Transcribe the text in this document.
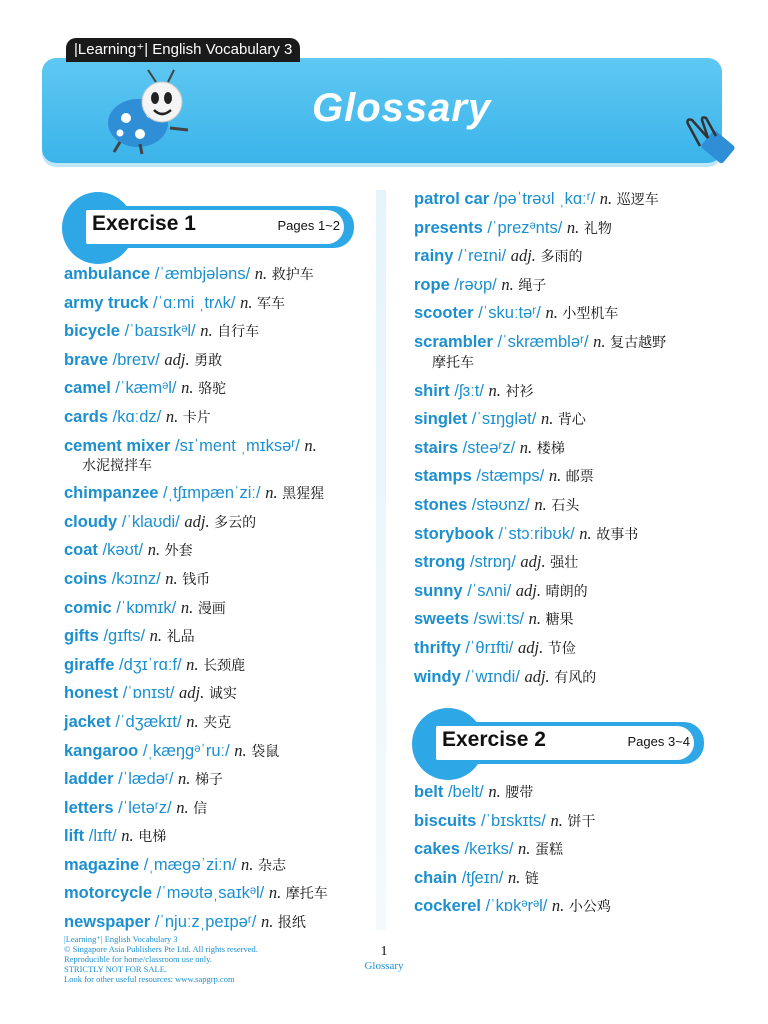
|Learning⁺| English Vocabulary 3
Glossary
Exercise 1	Pages 1~2
ambulance /ˈæmbjələns/ n. 救护车
army truck /ˈɑːmi ˌtrʌk/ n. 军车
bicycle /ˈbaɪsɪkᵊl/ n. 自行车
brave /breɪv/ adj. 勇敢
camel /ˈkæmᵊl/ n. 骆驼
cards /kɑːdz/ n. 卡片
cement mixer /sɪˈment ˌmɪksəʳ/ n.
水泥搅拌车
chimpanzee /ˌtʃɪmpænˈziː/ n. 黑猩猩
cloudy /ˈklaʊdi/ adj. 多云的
coat /kəʊt/ n. 外套
coins /kɔɪnz/ n. 钱币
comic /ˈkɒmɪk/ n. 漫画
gifts /gɪfts/ n. 礼品
giraffe /dʒɪˈrɑːf/ n. 长颈鹿
honest /ˈɒnɪst/ adj. 诚实
jacket /ˈdʒækɪt/ n. 夹克
kangaroo /ˌkæŋgᵊˈruː/ n. 袋鼠
ladder /ˈlædəʳ/ n. 梯子
letters /ˈletəʳz/ n. 信
lift /lɪft/ n. 电梯
magazine /ˌmægəˈziːn/ n. 杂志
motorcycle /ˈməʊtəˌsaɪkᵊl/ n. 摩托车
newspaper /ˈnjuːzˌpeɪpəʳ/ n. 报纸
patrol car /pəˈtrəʊl ˌkɑːʳ/ n. 巡逻车
presents /ˈprezᵊnts/ n. 礼物
rainy /ˈreɪni/ adj. 多雨的
rope /rəʊp/ n. 绳子
scooter /ˈskuːtəʳ/ n. 小型机车
scrambler /ˈskræmbləʳ/ n. 复古越野
摩托车
shirt /ʃɜːt/ n. 衬衫
singlet /ˈsɪŋglət/ n. 背心
stairs /steəʳz/ n. 楼梯
stamps /stæmps/ n. 邮票
stones /stəʊnz/ n. 石头
storybook /ˈstɔːribʊk/ n. 故事书
strong /strɒŋ/ adj. 强壮
sunny /ˈsʌni/ adj. 晴朗的
sweets /swiːts/ n. 糖果
thrifty /ˈθrɪfti/ adj. 节俭
windy /ˈwɪndi/ adj. 有风的
Exercise 2	Pages 3~4
belt /belt/ n. 腰带
biscuits /ˈbɪskɪts/ n. 饼干
cakes /keɪks/ n. 蛋糕
chain /tʃeɪn/ n. 链
cockerel /ˈkɒkᵊrᵊl/ n. 小公鸡
|Learning⁺| English Vocabulary 3
© Singapore Asia Publishers Pte Ltd. All rights reserved.
Reproducible for home/classroom use only.
STRICTLY NOT FOR SALE.
Look for other useful resources: www.sapgrp.com
1
Glossary
